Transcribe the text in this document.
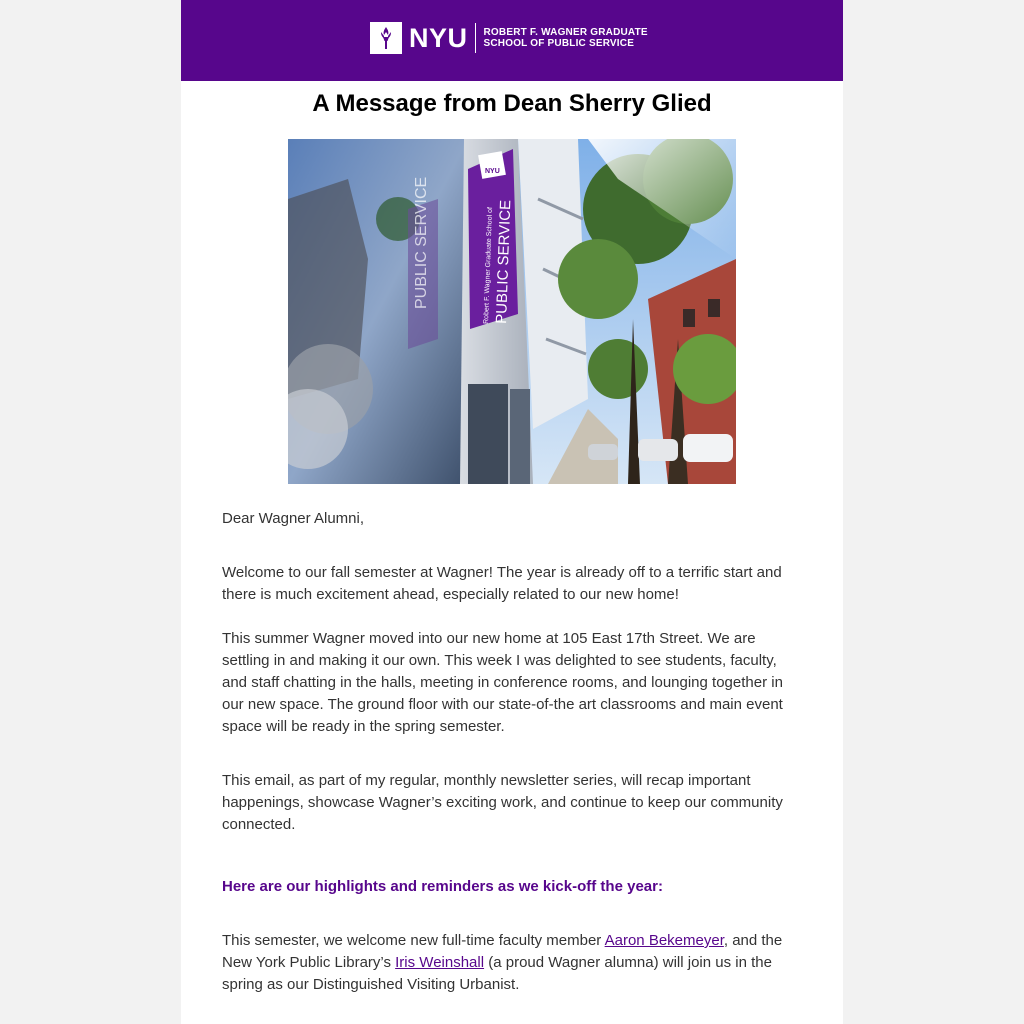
NYU ROBERT F. WAGNER GRADUATE
SCHOOL OF PUBLIC SERVICE
A Message from Dean Sherry Glied
PUBLIC SERVICE
NYU
Robert F. Wagner Graduate School of
PUBLIC SERVICE

Dear Wagner Alumni,

Welcome to our fall semester at Wagner! The year is already off to a terrific start and there is much excitement ahead, especially related to our new home!

This summer Wagner moved into our new home at 105 East 17th Street. We are settling in and making it our own. This week I was delighted to see students, faculty, and staff chatting in the halls, meeting in conference rooms, and lounging together in our new space. The ground floor with our state-of-the art classrooms and main event space will be ready in the spring semester.

This email, as part of my regular, monthly newsletter series, will recap important happenings, showcase Wagner’s exciting work, and continue to keep our community connected.

Here are our highlights and reminders as we kick-off the year:

This semester, we welcome new full-time faculty member Aaron Bekemeyer, and the New York Public Library’s Iris Weinshall (a proud Wagner alumna) will join us in the spring as our Distinguished Visiting Urbanist.
